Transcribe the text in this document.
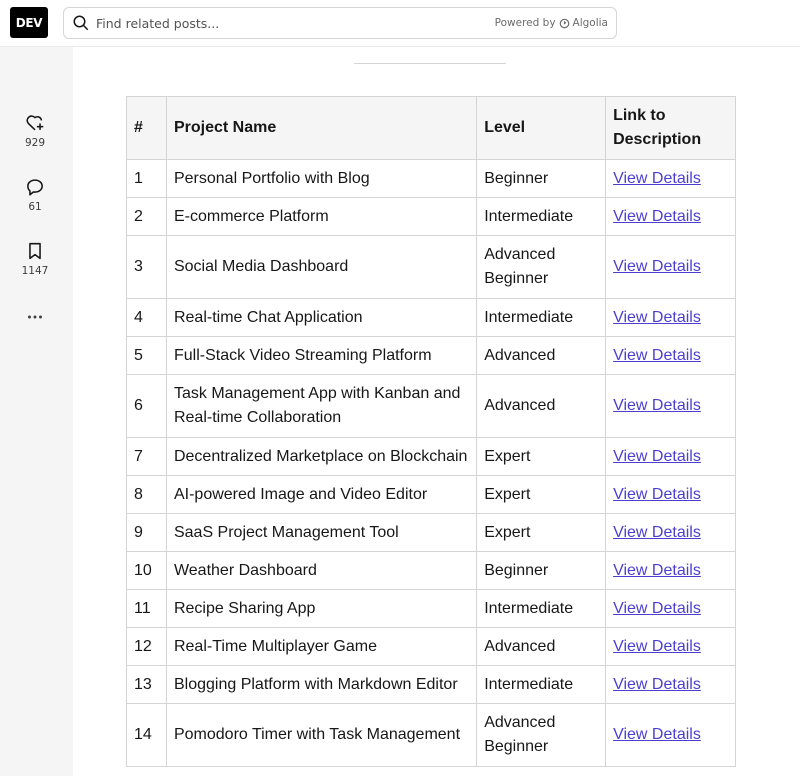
DEV	Find related posts...	Powered by Algolia
929
61
1147
#	Project Name	Level	Link to Description
1	Personal Portfolio with Blog	Beginner	View Details
2	E-commerce Platform	Intermediate	View Details
3	Social Media Dashboard	Advanced Beginner	View Details
4	Real-time Chat Application	Intermediate	View Details
5	Full-Stack Video Streaming Platform	Advanced	View Details
6	Task Management App with Kanban and Real-time Collaboration	Advanced	View Details
7	Decentralized Marketplace on Blockchain	Expert	View Details
8	AI-powered Image and Video Editor	Expert	View Details
9	SaaS Project Management Tool	Expert	View Details
10	Weather Dashboard	Beginner	View Details
11	Recipe Sharing App	Intermediate	View Details
12	Real-Time Multiplayer Game	Advanced	View Details
13	Blogging Platform with Markdown Editor	Intermediate	View Details
14	Pomodoro Timer with Task Management	Advanced Beginner	View Details
